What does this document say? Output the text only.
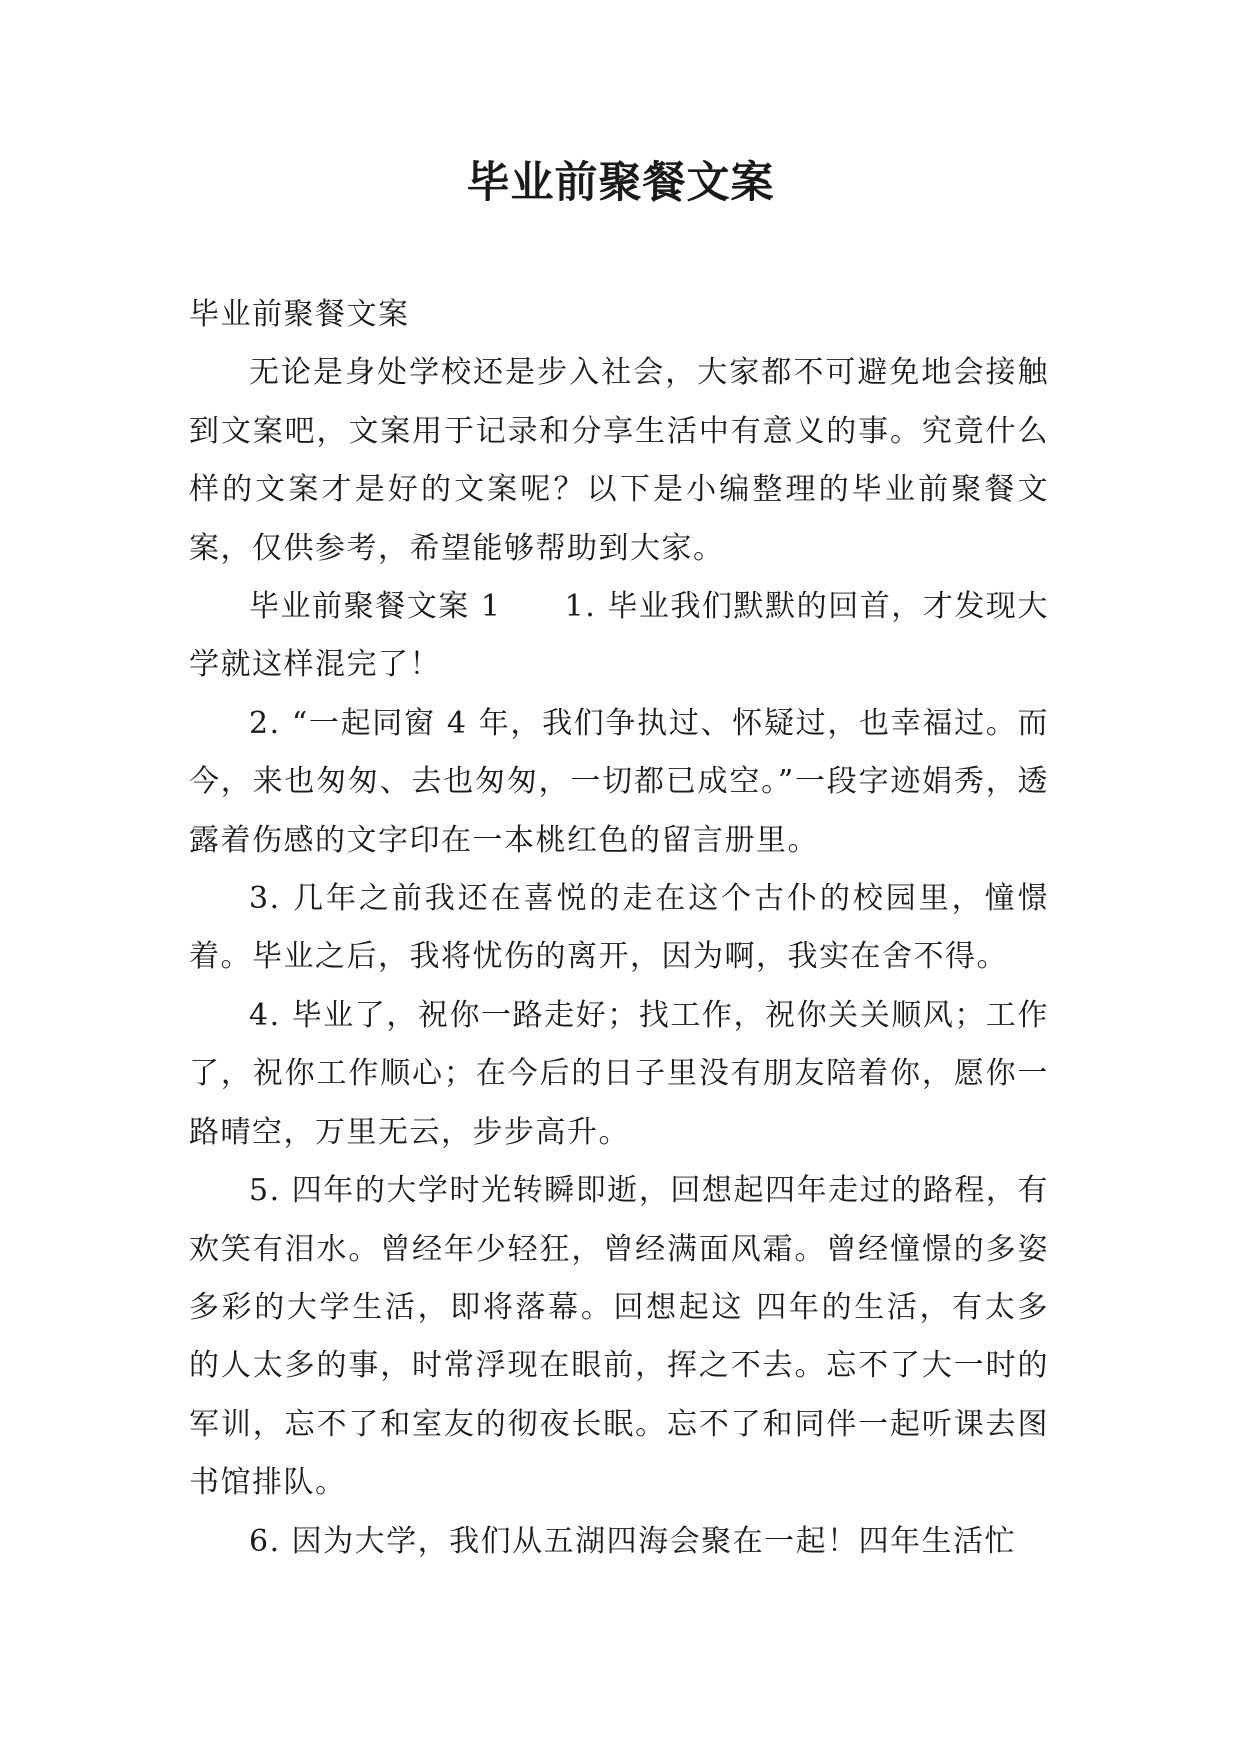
毕业前聚餐文案

毕业前聚餐文案

无论是身处学校还是步入社会，大家都不可避免地会接触到文案吧，文案用于记录和分享生活中有意义的事。究竟什么样的文案才是好的文案呢？以下是小编整理的毕业前聚餐文案，仅供参考，希望能够帮助到大家。

毕业前聚餐文案 1　　1. 毕业我们默默的回首，才发现大学就这样混完了！

2. “一起同窗 4 年，我们争执过、怀疑过，也幸福过。而今，来也匆匆、去也匆匆，一切都已成空。”一段字迹娟秀，透露着伤感的文字印在一本桃红色的留言册里。

3. 几年之前我还在喜悦的走在这个古仆的校园里，憧憬着。毕业之后，我将忧伤的离开，因为啊，我实在舍不得。

4. 毕业了，祝你一路走好；找工作，祝你关关顺风；工作了，祝你工作顺心；在今后的日子里没有朋友陪着你，愿你一路晴空，万里无云，步步高升。

5. 四年的大学时光转瞬即逝，回想起四年走过的路程，有欢笑有泪水。曾经年少轻狂，曾经满面风霜。曾经憧憬的多姿多彩的大学生活，即将落幕。回想起这 四年的生活，有太多的人太多的事，时常浮现在眼前，挥之不去。忘不了大一时的军训，忘不了和室友的彻夜长眠。忘不了和同伴一起听课去图书馆排队。

6. 因为大学，我们从五湖四海会聚在一起！四年生活忙
